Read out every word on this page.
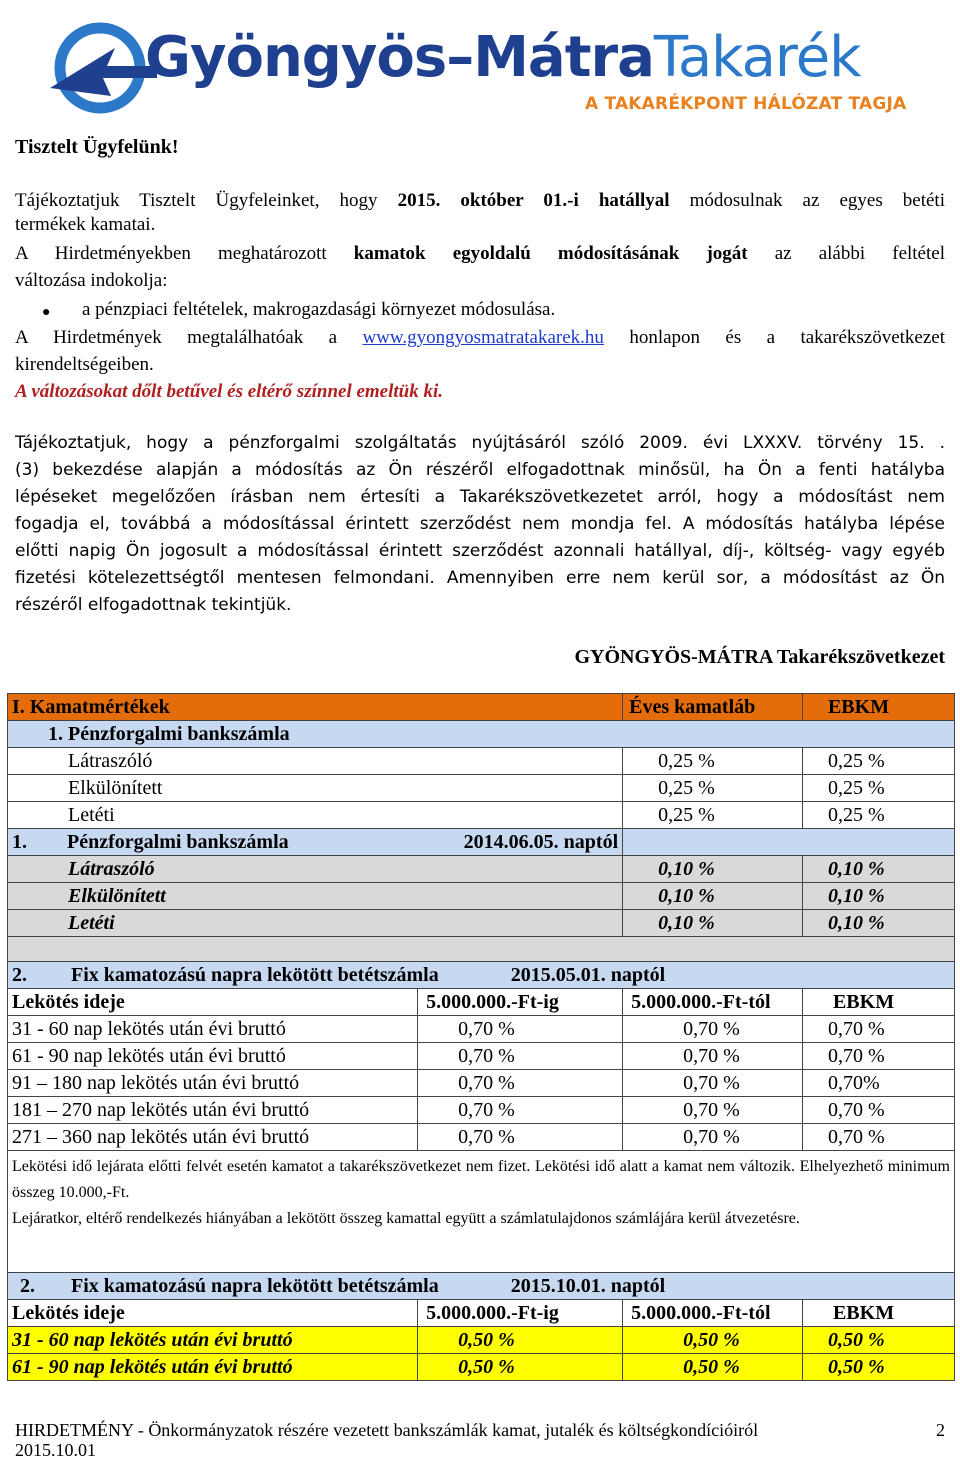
Gyöngyös–MátraTakarék
A TAKARÉKPONT HÁLÓZAT TAGJA
Tisztelt Ügyfelünk!
Tájékoztatjuk Tisztelt Ügyfeleinket, hogy 2015. október 01.-i hatállyal módosulnak az egyes betéti
termékek kamatai.
A Hirdetményekben meghatározott kamatok egyoldalú módosításának jogát az alábbi feltétel
változása indokolja:
● a pénzpiaci feltételek, makrogazdasági környezet módosulása.
A Hirdetmények megtalálhatóak a www.gyongyosmatratakarek.hu honlapon és a takarékszövetkezet
kirendeltségeiben.
A változásokat dőlt betűvel és eltérő színnel emeltük ki.
Tájékoztatjuk, hogy a pénzforgalmi szolgáltatás nyújtásáról szóló 2009. évi LXXXV. törvény 15. .
(3) bekezdése alapján a módosítás az Ön részéről elfogadottnak minősül, ha Ön a fenti hatályba
lépéseket megelőzően írásban nem értesíti a Takarékszövetkezetet arról, hogy a módosítást nem
fogadja el, továbbá a módosítással érintett szerződést nem mondja fel. A módosítás hatályba lépése
előtti napig Ön jogosult a módosítással érintett szerződést azonnali hatállyal, díj-, költség- vagy egyéb
fizetési kötelezettségtől mentesen felmondani. Amennyiben erre nem kerül sor, a módosítást az Ön
részéről elfogadottnak tekintjük.
GYÖNGYÖS-MÁTRA Takarékszövetkezet
I. Kamatmértékek		Éves kamatláb	EBKM
1. Pénzforgalmi bankszámla			
Látraszóló		0,25 %	0,25 %
Elkülönített		0,25 %	0,25 %
Letéti		0,25 %	0,25 %
1. Pénzforgalmi bankszámla 2014.06.05. naptól			
Látraszóló		0,10 %	0,10 %
Elkülönített		0,10 %	0,10 %
Letéti		0,10 %	0,10 %

2. Fix kamatozású napra lekötött betétszámla 2015.05.01. naptól			
Lekötés ideje	5.000.000.-Ft-ig	5.000.000.-Ft-tól	EBKM
31 - 60 nap lekötés után évi bruttó	0,70 %	0,70 %	0,70 %
61 - 90 nap lekötés után évi bruttó	0,70 %	0,70 %	0,70 %
91 – 180 nap lekötés után évi bruttó	0,70 %	0,70 %	0,70%
181 – 270 nap lekötés után évi bruttó	0,70 %	0,70 %	0,70 %
271 – 360 nap lekötés után évi bruttó	0,70 %	0,70 %	0,70 %

Lekötési idő lejárata előtti felvét esetén kamatot a takarékszövetkezet nem fizet. Lekötési idő alatt a kamat nem változik. Elhelyezhető minimum összeg 10.000,-Ft.
Lejáratkor, eltérő rendelkezés hiányában a lekötött összeg kamattal együtt a számlatulajdonos számlájára kerül átvezetésre.			

2. Fix kamatozású napra lekötött betétszámla 2015.10.01. naptól			
Lekötés ideje	5.000.000.-Ft-ig	5.000.000.-Ft-tól	EBKM
31 - 60 nap lekötés után évi bruttó	0,50 %	0,50 %	0,50 %
61 - 90 nap lekötés után évi bruttó	0,50 %	0,50 %	0,50 %
HIRDETMÉNY - Önkormányzatok részére vezetett bankszámlák kamat, jutalék és költségkondícióiról	2
2015.10.01
